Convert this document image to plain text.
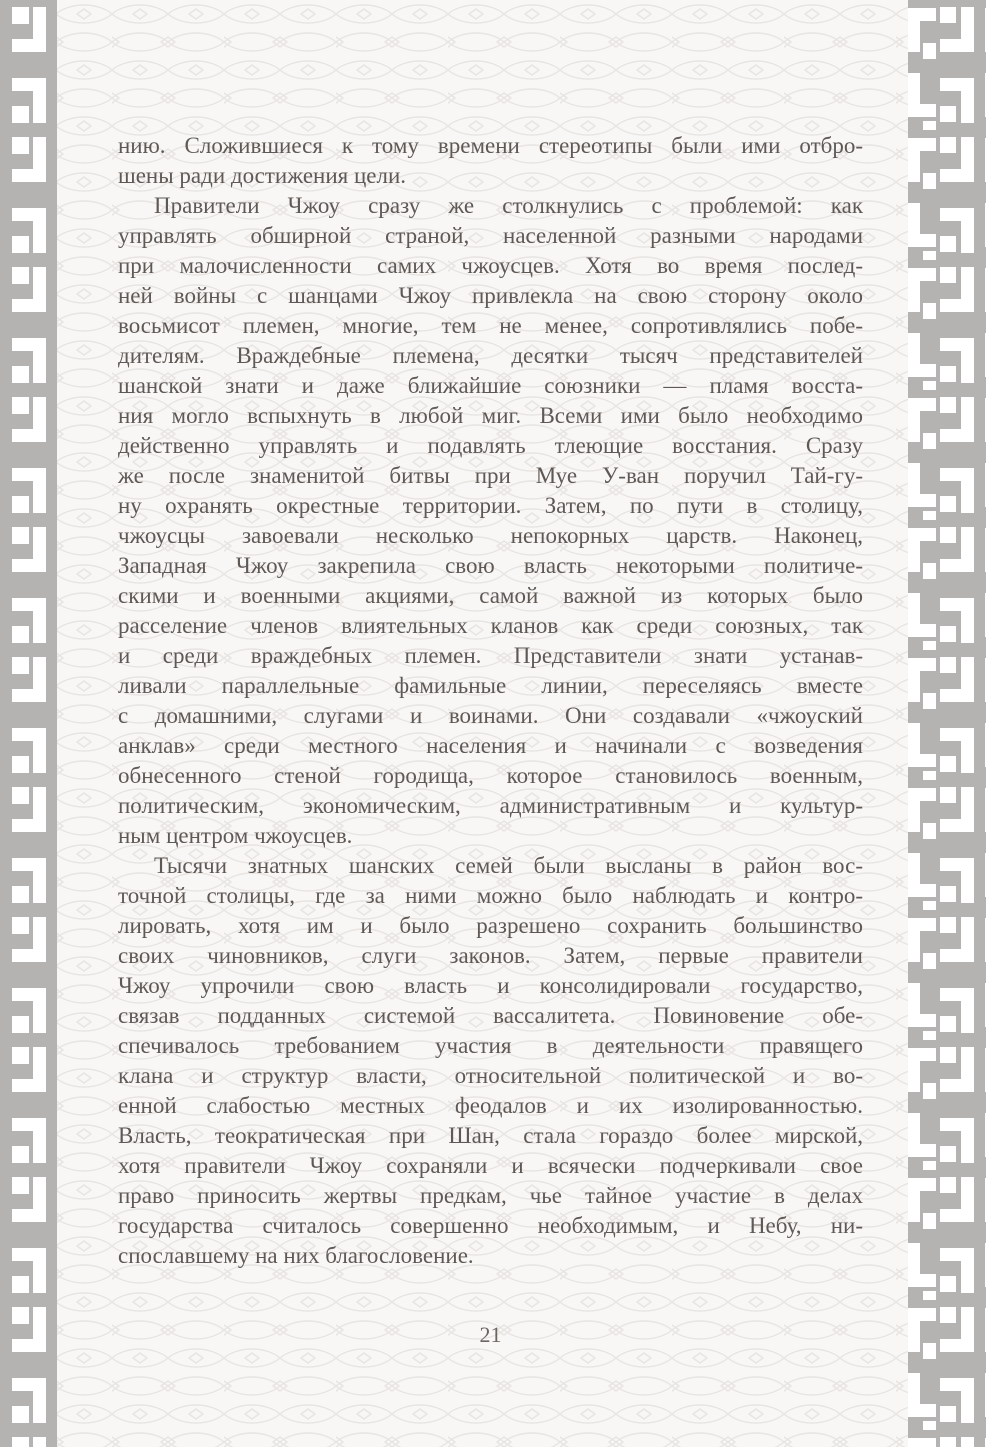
нию. Сложившиеся к тому времени стереотипы были ими отбро-
шены ради достижения цели.
Правители Чжоу сразу же столкнулись с проблемой: как
управлять обширной страной, населенной разными народами
при малочисленности самих чжоусцев. Хотя во время послед-
ней войны с шанцами Чжоу привлекла на свою сторону около
восьмисот племен, многие, тем не менее, сопротивлялись побе-
дителям. Враждебные племена, десятки тысяч представителей
шанской знати и даже ближайшие союзники — пламя восста-
ния могло вспыхнуть в любой миг. Всеми ими было необходимо
действенно управлять и подавлять тлеющие восстания. Сразу
же после знаменитой битвы при Муе У-ван поручил Тай-гу-
ну охранять окрестные территории. Затем, по пути в столицу,
чжоусцы завоевали несколько непокорных царств. Наконец,
Западная Чжоу закрепила свою власть некоторыми политиче-
скими и военными акциями, самой важной из которых было
расселение членов влиятельных кланов как среди союзных, так
и среди враждебных племен. Представители знати устанав-
ливали параллельные фамильные линии, переселяясь вместе
с домашними, слугами и воинами. Они создавали «чжоуский
анклав» среди местного населения и начинали с возведения
обнесенного стеной городища, которое становилось военным,
политическим, экономическим, административным и культур-
ным центром чжоусцев.
Тысячи знатных шанских семей были высланы в район вос-
точной столицы, где за ними можно было наблюдать и контро-
лировать, хотя им и было разрешено сохранить большинство
своих чиновников, слуги законов. Затем, первые правители
Чжоу упрочили свою власть и консолидировали государство,
связав подданных системой вассалитета. Повиновение обе-
спечивалось требованием участия в деятельности правящего
клана и структур власти, относительной политической и во-
енной слабостью местных феодалов и их изолированностью.
Власть, теократическая при Шан, стала гораздо более мирской,
хотя правители Чжоу сохраняли и всячески подчеркивали свое
право приносить жертвы предкам, чье тайное участие в делах
государства считалось совершенно необходимым, и Небу, ни-
спославшему на них благословение.
21
